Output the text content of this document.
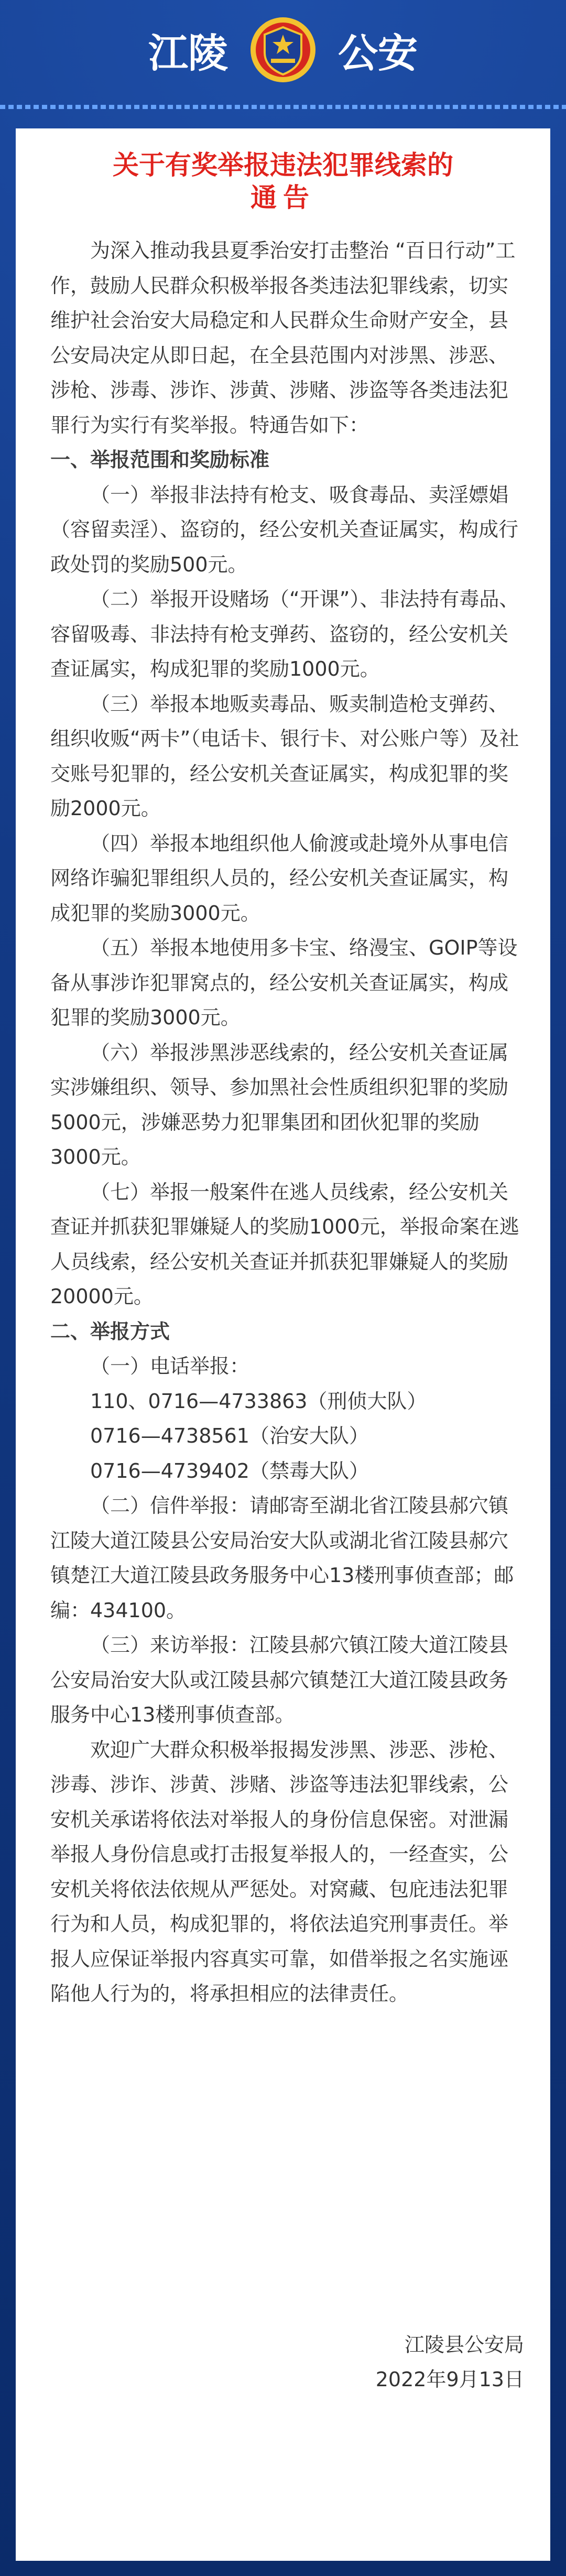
江陵	公安
关于有奖举报违法犯罪线索的
通告

为深入推动我县夏季治安打击整治 “百日行动”工作，鼓励人民群众积极举报各类违法犯罪线索，切实维护社会治安大局稳定和人民群众生命财产安全，县公安局决定从即日起，在全县范围内对涉黑、涉恶、涉枪、涉毒、涉诈、涉黄、涉赌、涉盗等各类违法犯罪行为实行有奖举报。特通告如下：

一、举报范围和奖励标准

（一）举报非法持有枪支、吸食毒品、卖淫嫖娼（容留卖淫）、盗窃的，经公安机关查证属实，构成行政处罚的奖励500元。

（二）举报开设赌场（“开课”）、非法持有毒品、容留吸毒、非法持有枪支弹药、盗窃的，经公安机关查证属实，构成犯罪的奖励1000元。

（三）举报本地贩卖毒品、贩卖制造枪支弹药、组织收贩“两卡”（电话卡、银行卡、对公账户等）及社交账号犯罪的，经公安机关查证属实，构成犯罪的奖励2000元。

（四）举报本地组织他人偷渡或赴境外从事电信网络诈骗犯罪组织人员的，经公安机关查证属实，构成犯罪的奖励3000元。

（五）举报本地使用多卡宝、络漫宝、GOIP等设备从事涉诈犯罪窝点的，经公安机关查证属实，构成犯罪的奖励3000元。

（六）举报涉黑涉恶线索的，经公安机关查证属实涉嫌组织、领导、参加黑社会性质组织犯罪的奖励5000元，涉嫌恶势力犯罪集团和团伙犯罪的奖励3000元。

（七）举报一般案件在逃人员线索，经公安机关查证并抓获犯罪嫌疑人的奖励1000元，举报命案在逃人员线索，经公安机关查证并抓获犯罪嫌疑人的奖励20000元。

二、举报方式

（一）电话举报：

110、0716—4733863（刑侦大队）

0716—4738561（治安大队）

0716—4739402（禁毒大队）

（二）信件举报：请邮寄至湖北省江陵县郝穴镇江陵大道江陵县公安局治安大队或湖北省江陵县郝穴镇楚江大道江陵县政务服务中心13楼刑事侦查部；邮编：434100。

（三）来访举报：江陵县郝穴镇江陵大道江陵县公安局治安大队或江陵县郝穴镇楚江大道江陵县政务服务中心13楼刑事侦查部。

欢迎广大群众积极举报揭发涉黑、涉恶、涉枪、涉毒、涉诈、涉黄、涉赌、涉盗等违法犯罪线索，公安机关承诺将依法对举报人的身份信息保密。对泄漏举报人身份信息或打击报复举报人的，一经查实，公安机关将依法依规从严惩处。对窝藏、包庇违法犯罪行为和人员，构成犯罪的，将依法追究刑事责任。举报人应保证举报内容真实可靠，如借举报之名实施诬陷他人行为的，将承担相应的法律责任。

江陵县公安局
2022年9月13日
